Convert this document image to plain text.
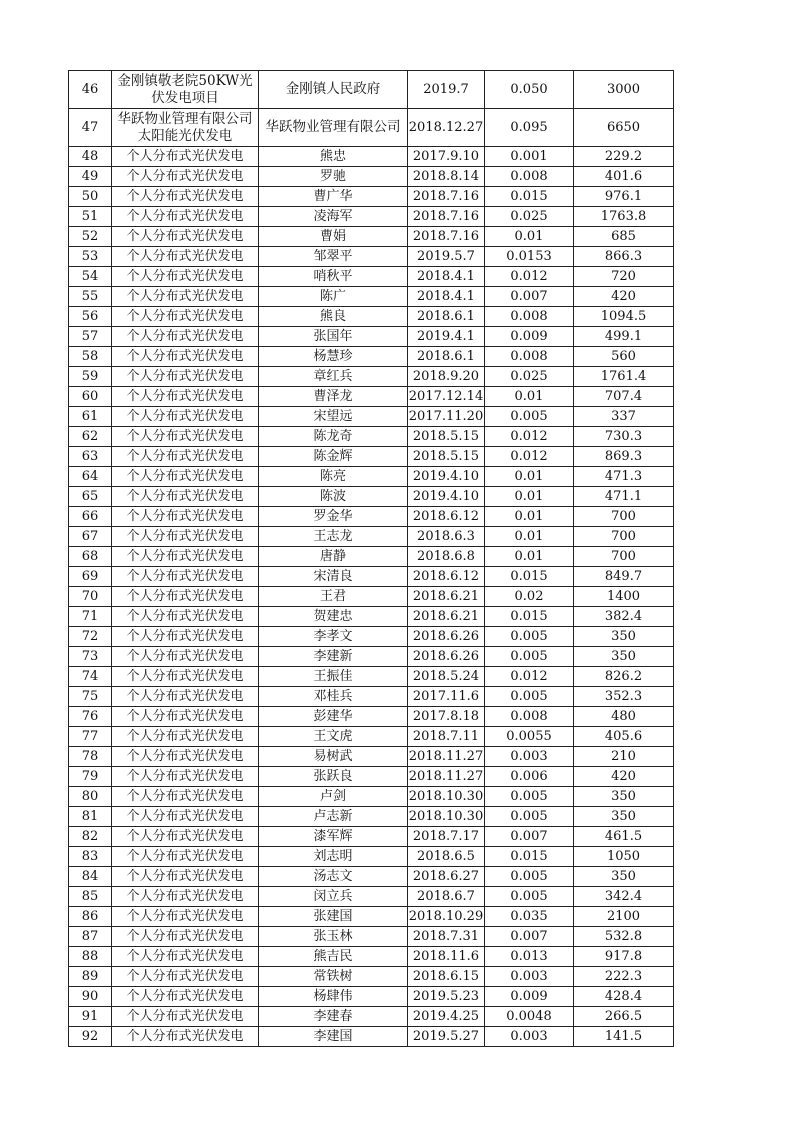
46	金刚镇敬老院50KW光伏发电项目	金刚镇人民政府	2019.7	0.050	3000
47	华跃物业管理有限公司太阳能光伏发电	华跃物业管理有限公司	2018.12.27	0.095	6650
48	个人分布式光伏发电	熊忠	2017.9.10	0.001	229.2
49	个人分布式光伏发电	罗驰	2018.8.14	0.008	401.6
50	个人分布式光伏发电	曹广华	2018.7.16	0.015	976.1
51	个人分布式光伏发电	凌海军	2018.7.16	0.025	1763.8
52	个人分布式光伏发电	曹娟	2018.7.16	0.01	685
53	个人分布式光伏发电	邹翠平	2019.5.7	0.0153	866.3
54	个人分布式光伏发电	哨秋平	2018.4.1	0.012	720
55	个人分布式光伏发电	陈广	2018.4.1	0.007	420
56	个人分布式光伏发电	熊良	2018.6.1	0.008	1094.5
57	个人分布式光伏发电	张国年	2019.4.1	0.009	499.1
58	个人分布式光伏发电	杨慧珍	2018.6.1	0.008	560
59	个人分布式光伏发电	章红兵	2018.9.20	0.025	1761.4
60	个人分布式光伏发电	曹泽龙	2017.12.14	0.01	707.4
61	个人分布式光伏发电	宋望远	2017.11.20	0.005	337
62	个人分布式光伏发电	陈龙奇	2018.5.15	0.012	730.3
63	个人分布式光伏发电	陈金辉	2018.5.15	0.012	869.3
64	个人分布式光伏发电	陈亮	2019.4.10	0.01	471.3
65	个人分布式光伏发电	陈波	2019.4.10	0.01	471.1
66	个人分布式光伏发电	罗金华	2018.6.12	0.01	700
67	个人分布式光伏发电	王志龙	2018.6.3	0.01	700
68	个人分布式光伏发电	唐静	2018.6.8	0.01	700
69	个人分布式光伏发电	宋清良	2018.6.12	0.015	849.7
70	个人分布式光伏发电	王君	2018.6.21	0.02	1400
71	个人分布式光伏发电	贺建忠	2018.6.21	0.015	382.4
72	个人分布式光伏发电	李孝文	2018.6.26	0.005	350
73	个人分布式光伏发电	李建新	2018.6.26	0.005	350
74	个人分布式光伏发电	王振佳	2018.5.24	0.012	826.2
75	个人分布式光伏发电	邓桂兵	2017.11.6	0.005	352.3
76	个人分布式光伏发电	彭建华	2017.8.18	0.008	480
77	个人分布式光伏发电	王文虎	2018.7.11	0.0055	405.6
78	个人分布式光伏发电	易树武	2018.11.27	0.003	210
79	个人分布式光伏发电	张跃良	2018.11.27	0.006	420
80	个人分布式光伏发电	卢剑	2018.10.30	0.005	350
81	个人分布式光伏发电	卢志新	2018.10.30	0.005	350
82	个人分布式光伏发电	漆军辉	2018.7.17	0.007	461.5
83	个人分布式光伏发电	刘志明	2018.6.5	0.015	1050
84	个人分布式光伏发电	汤志文	2018.6.27	0.005	350
85	个人分布式光伏发电	闵立兵	2018.6.7	0.005	342.4
86	个人分布式光伏发电	张建国	2018.10.29	0.035	2100
87	个人分布式光伏发电	张玉林	2018.7.31	0.007	532.8
88	个人分布式光伏发电	熊吉民	2018.11.6	0.013	917.8
89	个人分布式光伏发电	常铁树	2018.6.15	0.003	222.3
90	个人分布式光伏发电	杨肆伟	2019.5.23	0.009	428.4
91	个人分布式光伏发电	李建春	2019.4.25	0.0048	266.5
92	个人分布式光伏发电	李建国	2019.5.27	0.003	141.5
